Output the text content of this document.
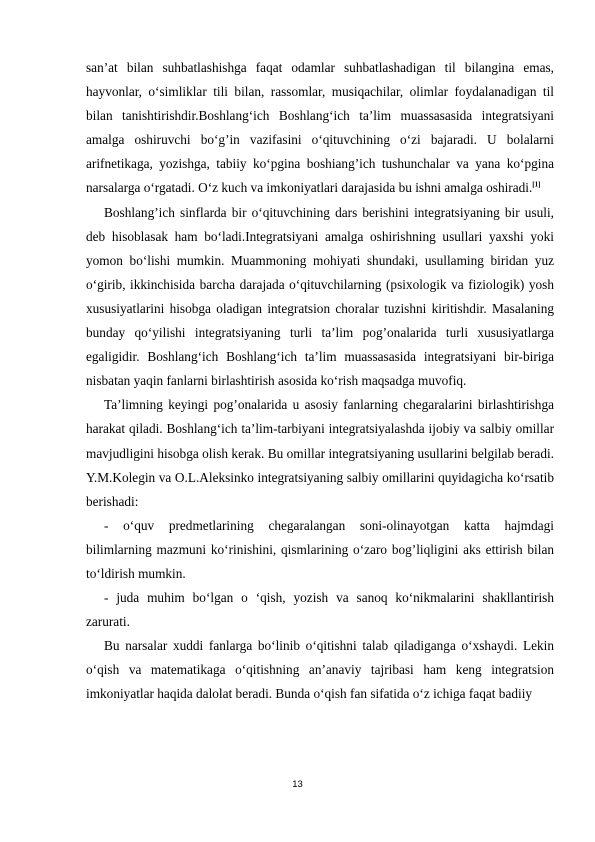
san’at bilan suhbatlashishga faqat odamlar suhbatlashadigan til bilangina emas, hayvonlar, o‘simliklar tili bilan, rassomlar, musiqachilar, olimlar foydalanadigan til bilan tanishtirishdir.Boshlang‘ich Boshlang‘ich ta’lim muassasasida integratsiyani amalga oshiruvchi bo‘g’in vazifasini o‘qituvchining o‘zi bajaradi. U bolalarni arifnetikaga, yozishga, tabiiy ko‘pgina boshiang’ich tushunchalar va yana ko‘pgina narsalarga o‘rgatadi. O‘z kuch va imkoniyatlari darajasida bu ishni amalga oshiradi.[1]

Boshlang’ich sinflarda bir o‘qituvchining dars berishini integratsiyaning bir usuli, deb hisoblasak ham bo‘ladi.Integratsiyani amalga oshirishning usullari yaxshi yoki yomon bo‘lishi mumkin. Muammoning mohiyati shundaki, usullaming biridan yuz o‘girib, ikkinchisida barcha darajada o‘qituvchilarning (psixologik va fiziologik) yosh xususiyatlarini hisobga oladigan integratsion choralar tuzishni kiritishdir. Masalaning bunday qo‘yilishi integratsiyaning turli ta’lim pog’onalarida turli xususiyatlarga egaligidir. Boshlang‘ich Boshlang‘ich ta’lim muassasasida integratsiyani bir-biriga nisbatan yaqin fanlarni birlashtirish asosida ko‘rish maqsadga muvofiq.

Ta’limning keyingi pog’onalarida u asosiy fanlarning chegaralarini birlashtirishga harakat qiladi. Boshlang‘ich ta’lim-tarbiyani integratsiyalashda ijobiy va salbiy omillar mavjudligini hisobga olish kerak. Bu omillar integratsiyaning usullarini belgilab beradi. Y.M.Kolegin va O.L.Aleksinko integratsiyaning salbiy omillarini quyidagicha ko‘rsatib berishadi:

- o‘quv predmetlarining chegaralangan soni-olinayotgan katta hajmdagi bilimlarning mazmuni ko‘rinishini, qismlarining o‘zaro bog’liqligini aks ettirish bilan to‘ldirish mumkin.

- juda muhim bo‘lgan o ‘qish, yozish va sanoq ko‘nikmalarini shakllantirish zarurati.

Bu narsalar xuddi fanlarga bo‘linib o‘qitishni talab qiladiganga o‘xshaydi. Lekin o‘qish va matematikaga o‘qitishning an’anaviy tajribasi ham keng integratsion imkoniyatlar haqida dalolat beradi. Bunda o‘qish fan sifatida o‘z ichiga faqat badiiy

13
